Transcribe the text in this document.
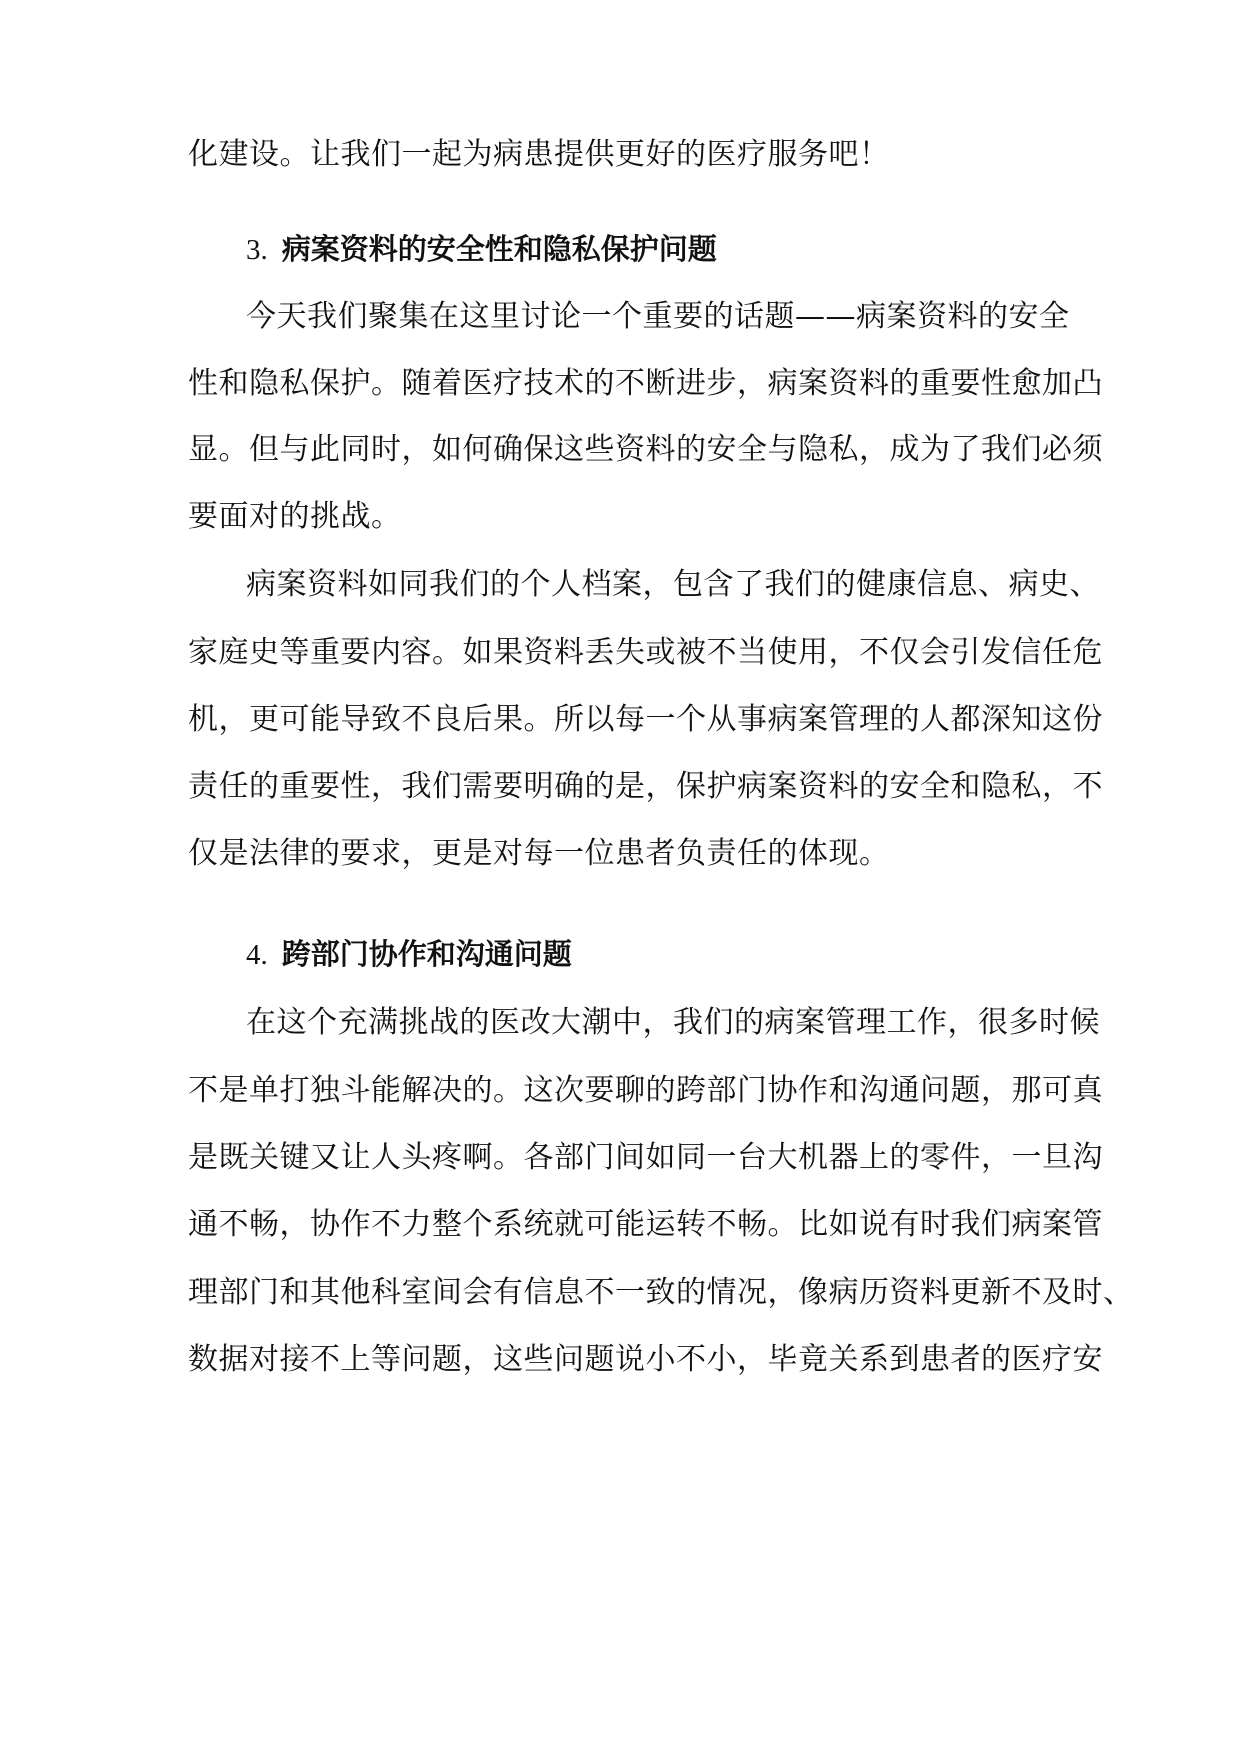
化建设。让我们一起为病患提供更好的医疗服务吧！
3. 病案资料的安全性和隐私保护问题
今天我们聚集在这里讨论一个重要的话题——病案资料的安全
性和隐私保护。随着医疗技术的不断进步，病案资料的重要性愈加凸
显。但与此同时，如何确保这些资料的安全与隐私，成为了我们必须
要面对的挑战。
病案资料如同我们的个人档案，包含了我们的健康信息、病史、
家庭史等重要内容。如果资料丢失或被不当使用，不仅会引发信任危
机，更可能导致不良后果。所以每一个从事病案管理的人都深知这份
责任的重要性，我们需要明确的是，保护病案资料的安全和隐私，不
仅是法律的要求，更是对每一位患者负责任的体现。
4. 跨部门协作和沟通问题
在这个充满挑战的医改大潮中，我们的病案管理工作，很多时候
不是单打独斗能解决的。这次要聊的跨部门协作和沟通问题，那可真
是既关键又让人头疼啊。各部门间如同一台大机器上的零件，一旦沟
通不畅，协作不力整个系统就可能运转不畅。比如说有时我们病案管
理部门和其他科室间会有信息不一致的情况，像病历资料更新不及时、
数据对接不上等问题，这些问题说小不小，毕竟关系到患者的医疗安
